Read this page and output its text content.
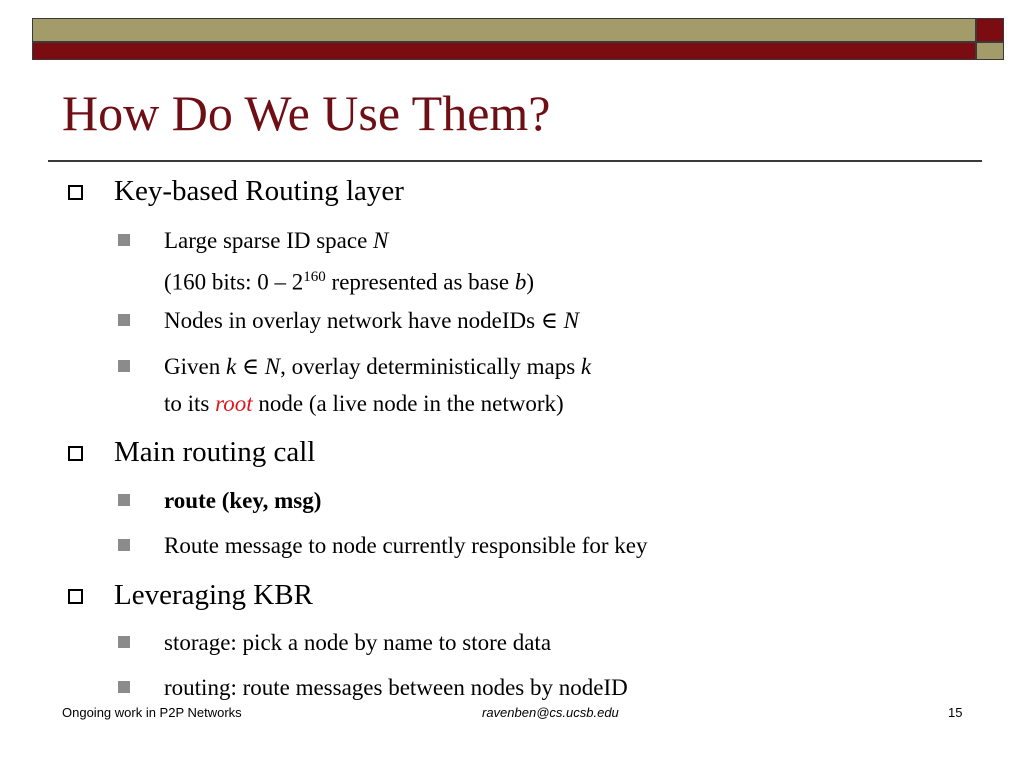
How Do We Use Them?
Key-based Routing layer
Large sparse ID space N
(160 bits: $0 - 2^{160}$ represented as base b)
Nodes in overlay network have nodeIDs ∈ N
Given k ∈ N, overlay deterministically maps k
to its root node (a live node in the network)
Main routing call
route (key, msg)
Route message to node currently responsible for key
Leveraging KBR
storage: pick a node by name to store data
routing: route messages between nodes by nodeID
Ongoing work in P2P Networks	ravenben@cs.ucsb.edu	15
